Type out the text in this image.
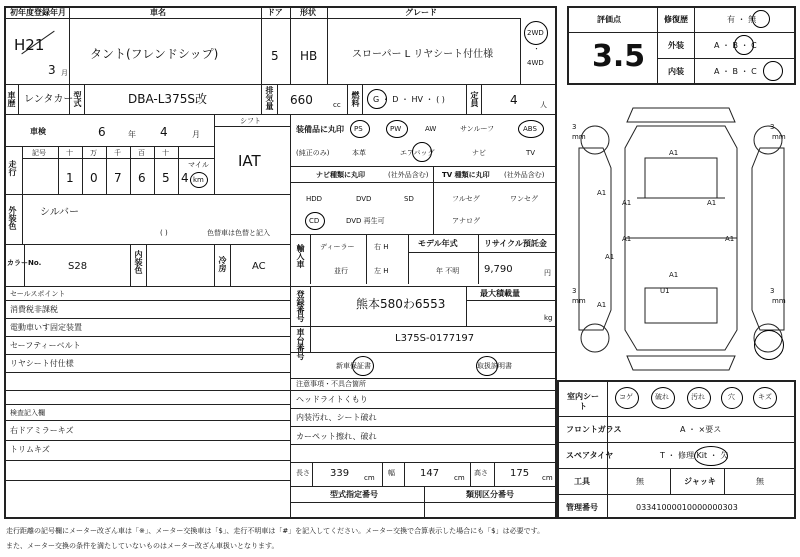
初年度登録年月	車名	ドア 形状	グレード
H21
3 月
タント(フレンドシップ)	5 HB	スローパー L リヤシート付仕様
2WD
・
4WD
車歴 レンタカー 型式	DBA-L375S改	排気量 660	cc 燃料 G ・ D ・ HV ・ ( )	定員	4	人
車検	6	年 4	月
シフト
IAT
走行
記号	十 万 千 百 十
1 0 7 6 5 4
マイル
km
外装色 シルバー
( )	色替車は色替と記入
カラーNo.	S28	内装色	冷房	AC
セールスポイント
消費税非課税
電動車いす固定装置
セーフティーベルト
リヤシート付仕様
検査記入欄
右ドアミラーキズ
トリムキズ
装備品に丸印
(純正のみ)
PS	PW	AW	サンルーフ	ABS
本革	エアバッグ	ナビ	TV
ナビ種類に丸印	(社外品含む) TV 種類に丸印 (社外品含む)
HDD	DVD	SD
CD	DVD 再生可
フルセグ	ワンセグ
アナログ
輸入車 ディーラー
並行
右 H
左 H
モデル年式
年 不明
リサイクル預託金
9,790	円
登録番号	熊本580わ6553
最大積載量
kg
車台番号	L375S-0177197
新車保証書	取扱説明書
注意事項・不具合箇所
ヘッドライトくもり
内装汚れ、シート破れ
カーペット擦れ、破れ
長さ 339 cm
幅	147 cm
高さ 175 cm
型式指定番号	類別区分番号
評価点
3.5
修復歴	有 ・ 無
外装	A ・ B ・ C
内装	A ・ B ・ C
3
mm
3
mm
3
mm
3
mm
A1
A1
A1	A1
A1	A1
A1
A1
U1
A1
室内シート
コゲ	破れ	汚れ	穴	キズ
フロントガラス	A ・ ×要ス
スペアタイヤ	T ・ 修理 Kit ・ 欠
工具	無	ジャッキ	無
管理番号	03341000010000000303
走行距離の記号欄にメーター改ざん車は「※」、メーター交換車は「$」、走行不明車は「#」を記入してください。メーター交換で合算表示した場合にも「$」は必要です。
また、メーター交換の条件を満たしていないものはメーター改ざん車扱いとなります。
